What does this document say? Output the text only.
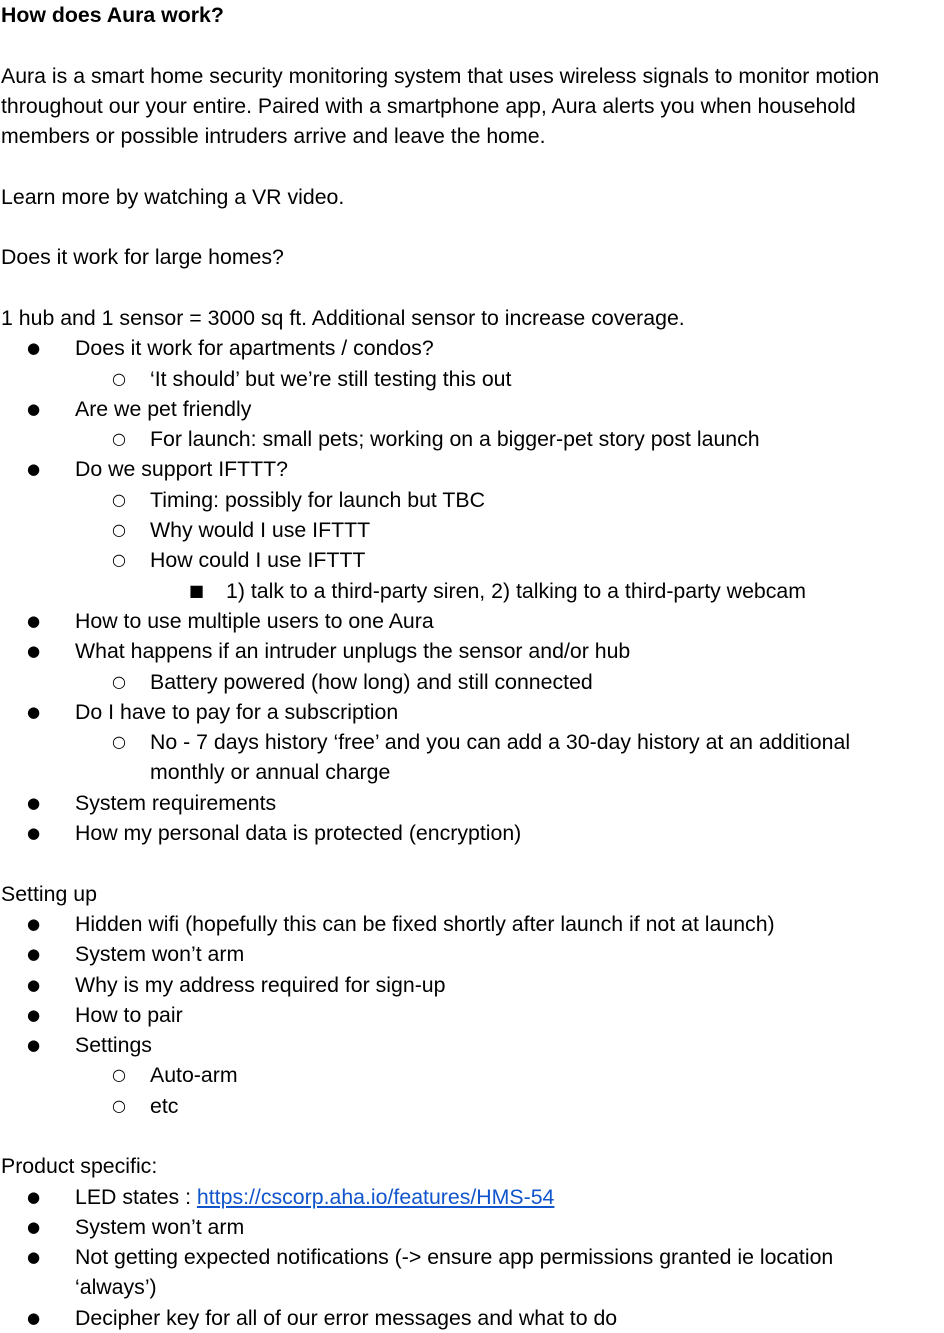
How does Aura work?
Aura is a smart home security monitoring system that uses wireless signals to monitor motion throughout our your entire. Paired with a smartphone app, Aura alerts you when household members or possible intruders arrive and leave the home.
Learn more by watching a VR video.
Does it work for large homes?
1 hub and 1 sensor = 3000 sq ft. Additional sensor to increase coverage.
● Does it work for apartments / condos?
○ ‘It should’ but we’re still testing this out
● Are we pet friendly
○ For launch: small pets; working on a bigger-pet story post launch
● Do we support IFTTT?
○ Timing: possibly for launch but TBC
○ Why would I use IFTTT
○ How could I use IFTTT
■ 1) talk to a third-party siren, 2) talking to a third-party webcam
● How to use multiple users to one Aura
● What happens if an intruder unplugs the sensor and/or hub
○ Battery powered (how long) and still connected
● Do I have to pay for a subscription
○ No - 7 days history ‘free’ and you can add a 30-day history at an additional monthly or annual charge
● System requirements
● How my personal data is protected (encryption)
Setting up
● Hidden wifi (hopefully this can be fixed shortly after launch if not at launch)
● System won’t arm
● Why is my address required for sign-up
● How to pair
● Settings
○ Auto-arm
○ etc
Product specific:
● LED states : https://cscorp.aha.io/features/HMS-54
● System won’t arm
● Not getting expected notifications (-> ensure app permissions granted ie location ‘always’)
● Decipher key for all of our error messages and what to do
